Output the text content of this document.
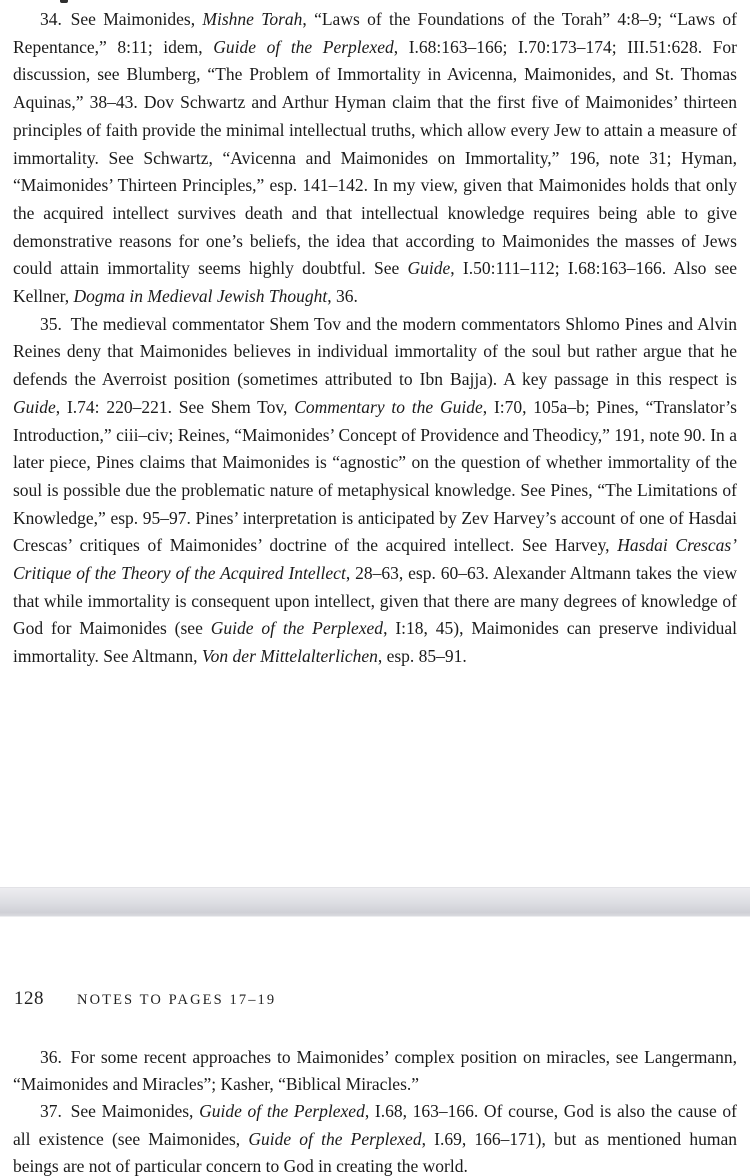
34. See Maimonides, Mishne Torah, “Laws of the Foundations of the Torah” 4:8–9; “Laws of Repentance,” 8:11; idem, Guide of the Perplexed, I.68:163–166; I.70:173–174; III.51:628. For discussion, see Blumberg, “The Problem of Immortality in Avicenna, Maimonides, and St. Thomas Aquinas,” 38–43. Dov Schwartz and Arthur Hyman claim that the first five of Maimonides’ thirteen principles of faith provide the minimal intellectual truths, which allow every Jew to attain a measure of immortality. See Schwartz, “Avicenna and Maimonides on Immortality,” 196, note 31; Hyman, “Maimonides’ Thirteen Principles,” esp. 141–142. In my view, given that Maimonides holds that only the acquired intellect survives death and that intellectual knowledge requires being able to give demonstrative reasons for one’s beliefs, the idea that according to Maimonides the masses of Jews could attain immortality seems highly doubtful. See Guide, I.50:111–112; I.68:163–166. Also see Kellner, Dogma in Medieval Jewish Thought, 36.

35. The medieval commentator Shem Tov and the modern commentators Shlomo Pines and Alvin Reines deny that Maimonides believes in individual immortality of the soul but rather argue that he defends the Averroist position (sometimes attributed to Ibn Bajja). A key passage in this respect is Guide, I.74: 220–221. See Shem Tov, Commentary to the Guide, I:70, 105a–b; Pines, “Translator’s Introduction,” ciii–civ; Reines, “Maimonides’ Concept of Providence and Theodicy,” 191, note 90. In a later piece, Pines claims that Maimonides is “agnostic” on the question of whether immortality of the soul is possible due the problematic nature of metaphysical knowledge. See Pines, “The Limitations of Knowledge,” esp. 95–97. Pines’ interpretation is anticipated by Zev Harvey’s account of one of Hasdai Crescas’ critiques of Maimonides’ doctrine of the acquired intellect. See Harvey, Hasdai Crescas’ Critique of the Theory of the Acquired Intellect, 28–63, esp. 60–63. Alexander Altmann takes the view that while immortality is consequent upon intellect, given that there are many degrees of knowledge of God for Maimonides (see Guide of the Perplexed, I:18, 45), Maimonides can preserve individual immortality. See Altmann, Von der Mittelalterlichen, esp. 85–91.

128 NOTES TO PAGES 17–19

36. For some recent approaches to Maimonides’ complex position on miracles, see Langermann, “Maimonides and Miracles”; Kasher, “Biblical Miracles.”

37. See Maimonides, Guide of the Perplexed, I.68, 163–166. Of course, God is also the cause of all existence (see Maimonides, Guide of the Perplexed, I.69, 166–171), but as mentioned human beings are not of particular concern to God in creating the world.
